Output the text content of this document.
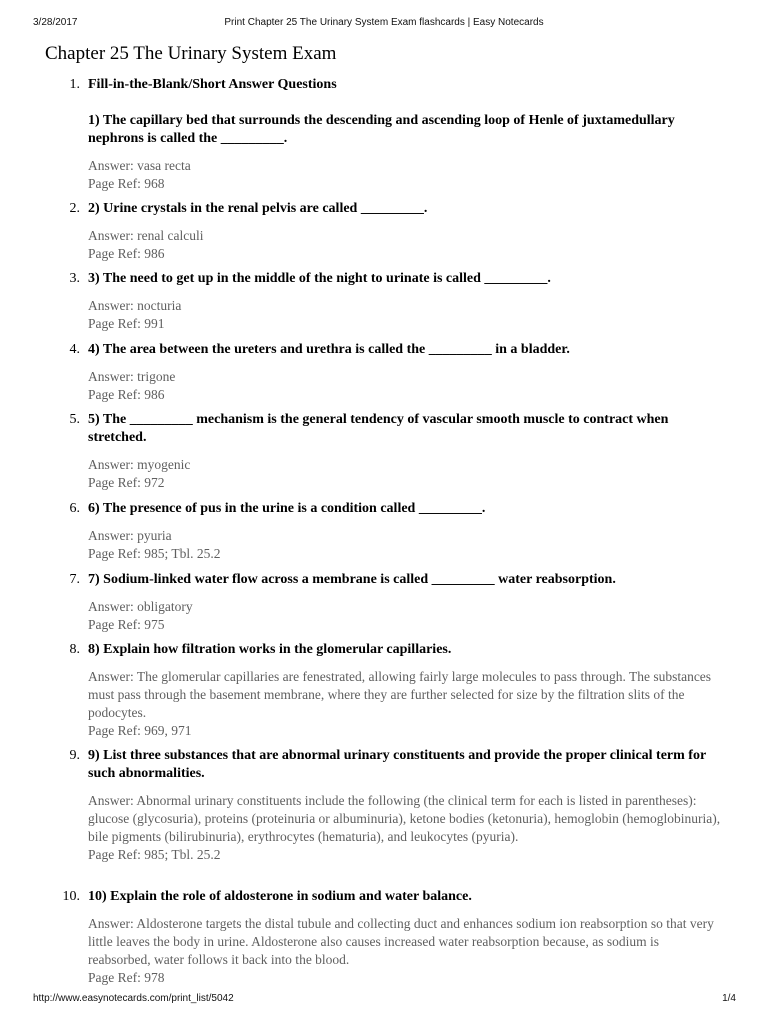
3/28/2017	Print Chapter 25 The Urinary System Exam flashcards | Easy Notecards
Chapter 25 The Urinary System Exam
1. Fill-in-the-Blank/Short Answer Questions
1) The capillary bed that surrounds the descending and ascending loop of Henle of juxtamedullary nephrons is called the _________.
Answer: vasa recta
Page Ref: 968
2. 2) Urine crystals in the renal pelvis are called _________.
Answer: renal calculi
Page Ref: 986
3. 3) The need to get up in the middle of the night to urinate is called _________.
Answer: nocturia
Page Ref: 991
4. 4) The area between the ureters and urethra is called the _________ in a bladder.
Answer: trigone
Page Ref: 986
5. 5) The _________ mechanism is the general tendency of vascular smooth muscle to contract when stretched.
Answer: myogenic
Page Ref: 972
6. 6) The presence of pus in the urine is a condition called _________.
Answer: pyuria
Page Ref: 985; Tbl. 25.2
7. 7) Sodium-linked water flow across a membrane is called _________ water reabsorption.
Answer: obligatory
Page Ref: 975
8. 8) Explain how filtration works in the glomerular capillaries.
Answer: The glomerular capillaries are fenestrated, allowing fairly large molecules to pass through. The substances must pass through the basement membrane, where they are further selected for size by the filtration slits of the podocytes.
Page Ref: 969, 971
9. 9) List three substances that are abnormal urinary constituents and provide the proper clinical term for such abnormalities.
Answer: Abnormal urinary constituents include the following (the clinical term for each is listed in parentheses): glucose (glycosuria), proteins (proteinuria or albuminuria), ketone bodies (ketonuria), hemoglobin (hemoglobinuria), bile pigments (bilirubinuria), erythrocytes (hematuria), and leukocytes (pyuria).
Page Ref: 985; Tbl. 25.2
10. 10) Explain the role of aldosterone in sodium and water balance.
Answer: Aldosterone targets the distal tubule and collecting duct and enhances sodium ion reabsorption so that very little leaves the body in urine. Aldosterone also causes increased water reabsorption because, as sodium is reabsorbed, water follows it back into the blood.
Page Ref: 978
http://www.easynotecards.com/print_list/5042	1/4
